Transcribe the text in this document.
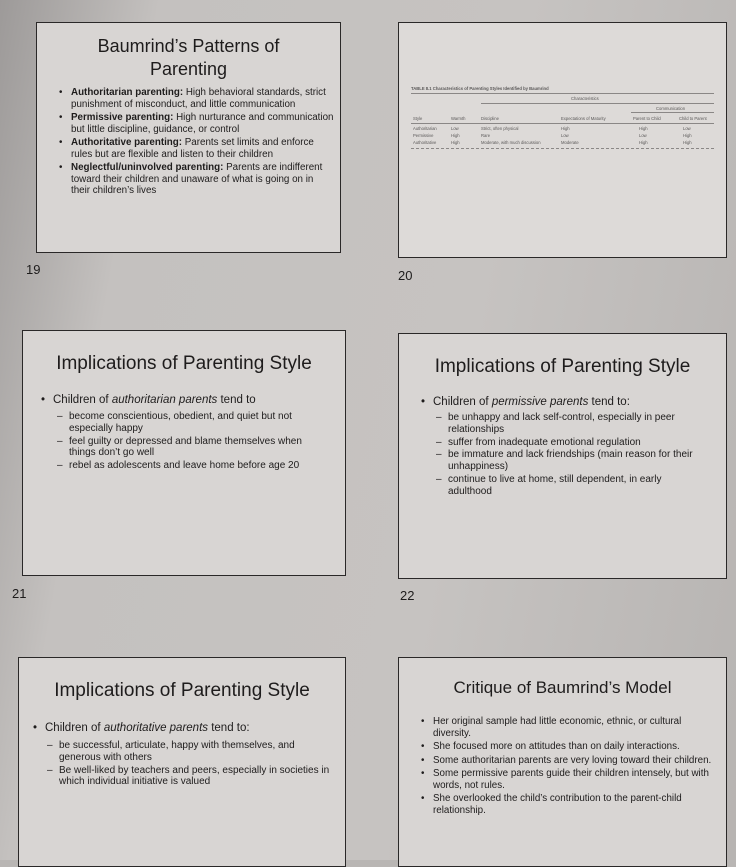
Baumrind’s Patterns of Parenting
• Authoritarian parenting: High behavioral standards, strict punishment of misconduct, and little communication
• Permissive parenting: High nurturance and communication but little discipline, guidance, or control
• Authoritative parenting: Parents set limits and enforce rules but are flexible and listen to their children
• Neglectful/uninvolved parenting: Parents are indifferent toward their children and unaware of what is going on in their children’s lives
19
TABLE 8.1 Characteristics of Parenting Styles Identified by Baumrind
Characteristics
Communication
Style	Warmth	Discipline	Expectations of Maturity	Parent to Child	Child to Parent
Authoritarian	Low	Strict, often physical	High	High	Low
Permissive	High	Rare	Low	Low	High
Authoritative	High	Moderate, with much discussion	Moderate	High	High
20
Implications of Parenting Style
• Children of authoritarian parents tend to
– become conscientious, obedient, and quiet but not especially happy
– feel guilty or depressed and blame themselves when things don’t go well
– rebel as adolescents and leave home before age 20
21
Implications of Parenting Style
• Children of permissive parents tend to:
– be unhappy and lack self-control, especially in peer relationships
– suffer from inadequate emotional regulation
– be immature and lack friendships (main reason for their unhappiness)
– continue to live at home, still dependent, in early adulthood
22
Implications of Parenting Style
• Children of authoritative parents tend to:
– be successful, articulate, happy with themselves, and generous with others
– Be well-liked by teachers and peers, especially in societies in which individual initiative is valued
Critique of Baumrind’s Model
• Her original sample had little economic, ethnic, or cultural diversity.
• She focused more on attitudes than on daily interactions.
• Some authoritarian parents are very loving toward their children.
• Some permissive parents guide their children intensely, but with words, not rules.
• She overlooked the child’s contribution to the parent-child relationship.
